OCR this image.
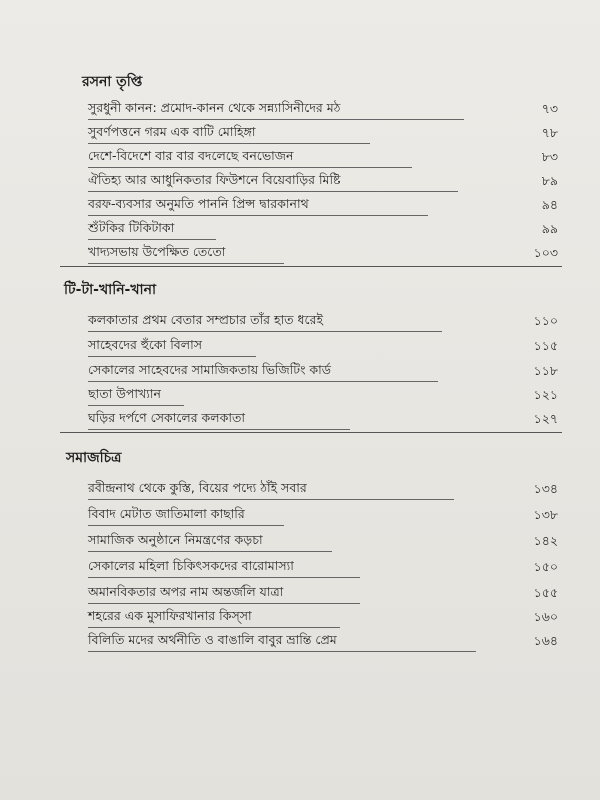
রসনা তৃপ্তি
সুরধুনী কানন: প্রমোদ-কানন থেকে সন্ন্যাসিনীদের মঠ	৭৩
সুবর্ণপত্তনে গরম এক বাটি মোহিঙ্গা	৭৮
দেশে-বিদেশে বার বার বদলেছে বনভোজন	৮৩
ঐতিহ্য আর আধুনিকতার ফিউশনে বিয়েবাড়ির মিষ্টি	৮৯
বরফ-ব্যবসার অনুমতি পাননি প্রিন্স দ্বারকানাথ	৯৪
শুঁটকির টিকিটাকা	৯৯
খাদ্যসভায় উপেক্ষিত তেতো	১০৩
টি-টা-খানি-খানা
কলকাতার প্রথম বেতার সম্প্রচার তাঁর হাত ধরেই	১১০
সাহেবদের হুঁকো বিলাস	১১৫
সেকালের সাহেবদের সামাজিকতায় ভিজিটিং কার্ড	১১৮
ছাতা উপাখ্যান	১২১
ঘড়ির দর্পণে সেকালের কলকাতা	১২৭
সমাজচিত্র
রবীন্দ্রনাথ থেকে কুস্তি, বিয়ের পদ্যে ঠাঁই সবার	১৩৪
বিবাদ মেটাত জাতিমালা কাছারি	১৩৮
সামাজিক অনুষ্ঠানে নিমন্ত্রণের কড়চা	১৪২
সেকালের মহিলা চিকিৎসকদের বারোমাস্যা	১৫০
অমানবিকতার অপর নাম অন্তর্জলি যাত্রা	১৫৫
শহরের এক মুসাফিরখানার কিস্সা	১৬০
বিলিতি মদের অর্থনীতি ও বাঙালি বাবুর ভ্রান্তি প্রেম	১৬৪
